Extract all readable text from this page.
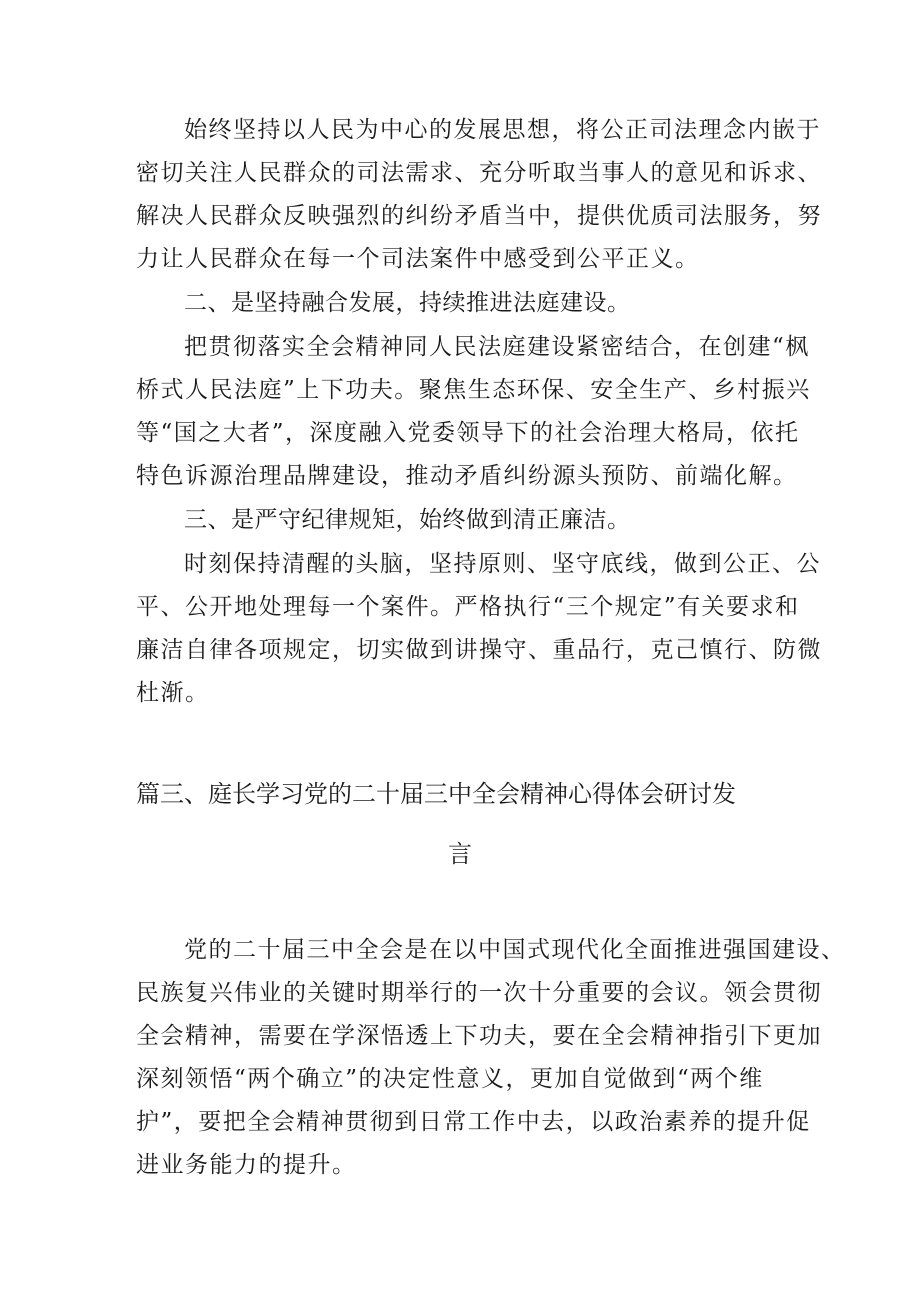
始终坚持以人民为中心的发展思想，将公正司法理念内嵌于
密切关注人民群众的司法需求、充分听取当事人的意见和诉求、
解决人民群众反映强烈的纠纷矛盾当中，提供优质司法服务，努
力让人民群众在每一个司法案件中感受到公平正义。
二、是坚持融合发展，持续推进法庭建设。
把贯彻落实全会精神同人民法庭建设紧密结合，在创建“枫
桥式人民法庭”上下功夫。聚焦生态环保、安全生产、乡村振兴
等“国之大者”，深度融入党委领导下的社会治理大格局，依托
特色诉源治理品牌建设，推动矛盾纠纷源头预防、前端化解。
三、是严守纪律规矩，始终做到清正廉洁。
时刻保持清醒的头脑，坚持原则、坚守底线，做到公正、公
平、公开地处理每一个案件。严格执行“三个规定”有关要求和
廉洁自律各项规定，切实做到讲操守、重品行，克己慎行、防微
杜渐。
篇三、庭长学习党的二十届三中全会精神心得体会研讨发
言
党的二十届三中全会是在以中国式现代化全面推进强国建设、
民族复兴伟业的关键时期举行的一次十分重要的会议。领会贯彻
全会精神，需要在学深悟透上下功夫，要在全会精神指引下更加
深刻领悟“两个确立”的决定性意义，更加自觉做到“两个维
护”，要把全会精神贯彻到日常工作中去，以政治素养的提升促
进业务能力的提升。
